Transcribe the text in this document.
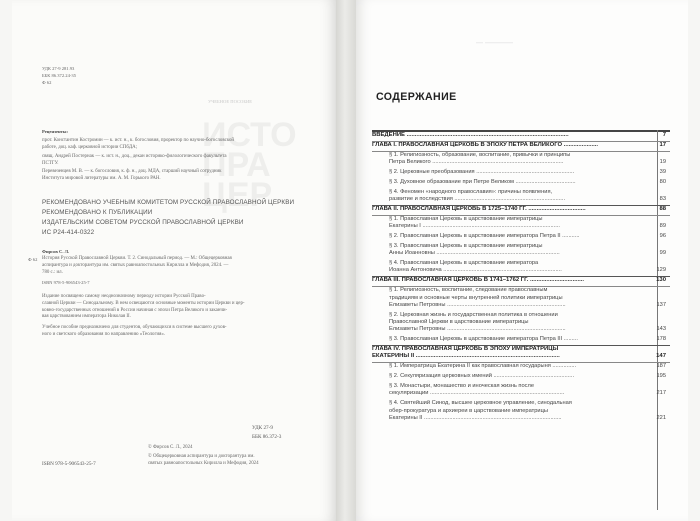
ИСТО
ПРА
ЦЕР
УДК 27-9 281.93
ББК 86.372.24-35
Ф 62
УЧЕБНОЕ ПОСОБИЕ
Рецензенты:
прот. Константин Костромин — к. ист. н., к. богословия, проректор по научно-богословской
работе, доц. каф. церковной истории СПбДА;
свящ. Андрей Постернак — к. ист. н., доц., декан историко-филологического факультета
ПСТГУ.
Перевезенцев М. В. — к. богословия, к. ф. н., доц. МДА, старший научный сотрудник
Института мировой литературы им. А. М. Горького РАН.
РЕКОМЕНДОВАНО УЧЕБНЫМ КОМИТЕТОМ РУССКОЙ ПРАВОСЛАВНОЙ ЦЕРКВИ
РЕКОМЕНДОВАНО К ПУБЛИКАЦИИ
ИЗДАТЕЛЬСКИМ СОВЕТОМ РУССКОЙ ПРАВОСЛАВНОЙ ЦЕРКВИ
ИС Р24-414-0322
Фирсов С. Л.
Ф 62 История Русской Православной Церкви. Т. 2. Синодальный период. — М.: Общецерковная
аспирантура и докторантура им. святых равноапостольных Кирилла и Мефодия, 2024. —
780 с.: ил.
ISBN 978-5-906543-25-7
Издание посвящено самому неоднозначному периоду истории Русской Право-
славной Церкви — Синодальному. В нем освещаются основные моменты истории Церкви и цер-
ковно-государственных отношений в России начиная с эпохи Петра Великого и заканчи-
вая царствованием императора Николая II.
Учебное пособие предназначено для студентов, обучающихся в системе высшего духов-
ного и светского образования по направлению «Теология».
УДК 27-9
ББК 86.372-3
© Фирсов С. Л., 2024
© Общецерковная аспирантура и докторантура им.
святых равноапостольных Кирилла и Мефодия, 2024
ISBN 978-5-906543-25-7
— ————
СОДЕРЖАНИЕ
ВВЕДЕНИЕ ...................................................................................................	7
ГЛАВА I. ПРАВОСЛАВНАЯ ЦЕРКОВЬ В ЭПОХУ ПЕТРА ВЕЛИКОГО .....................	17
§ 1. Религиозность, образование, воспитание, привычки и принципы
Петра Великого ...................................................................................	19
§ 2. Церковные преобразования ..............................................................	39
§ 3. Духовное образование при Петре Великом ......................................	80
§ 4. Феномен «народного православия»: причины появления,
развитие и последствия ......................................................................	83
ГЛАВА II. ПРАВОСЛАВНАЯ ЦЕРКОВЬ В 1725–1740 ГГ. ...................................	88
§ 1. Православная Церковь в царствование императрицы
Екатерины I .......................................................................................	89
§ 2. Православная Церковь в царствование императора Петра II ...........	96
§ 3. Православная Церковь в царствование императрицы
Анны Иоанновны ..............................................................................	99
§ 4. Православная Церковь в царствование императора
Иоанна Антоновича ...........................................................................	129
ГЛАВА III. ПРАВОСЛАВНАЯ ЦЕРКОВЬ В 1741–1762 ГГ. .................................	130
§ 1. Религиозность, воспитание, следование православным
традициям и основные черты внутренней политики императрицы
Елизаветы Петровны ...........................................................................	137
§ 2. Церковная жизнь и государственная политика в отношении
Православной Церкви в царствование императрицы
Елизаветы Петровны ...........................................................................	143
§ 3. Православная Церковь в царствование императора Петра III .........	178
ГЛАВА IV. ПРАВОСЛАВНАЯ ЦЕРКОВЬ В ЭПОХУ ИМПЕРАТРИЦЫ
ЕКАТЕРИНЫ II ........................................................................................	147
§ 1. Императрица Екатерина II как православная государыня ...............	187
§ 2. Секуляризация церковных имений ...................................................	195
§ 3. Монастыри, монашество и иноческая жизнь после
секуляризации .....................................................................................	217
§ 4. Святейший Синод, высшее церковное управление, синодальная
обер-прокуратура и архиереи в царствование императрицы
Екатерины II .......................................................................................	221
